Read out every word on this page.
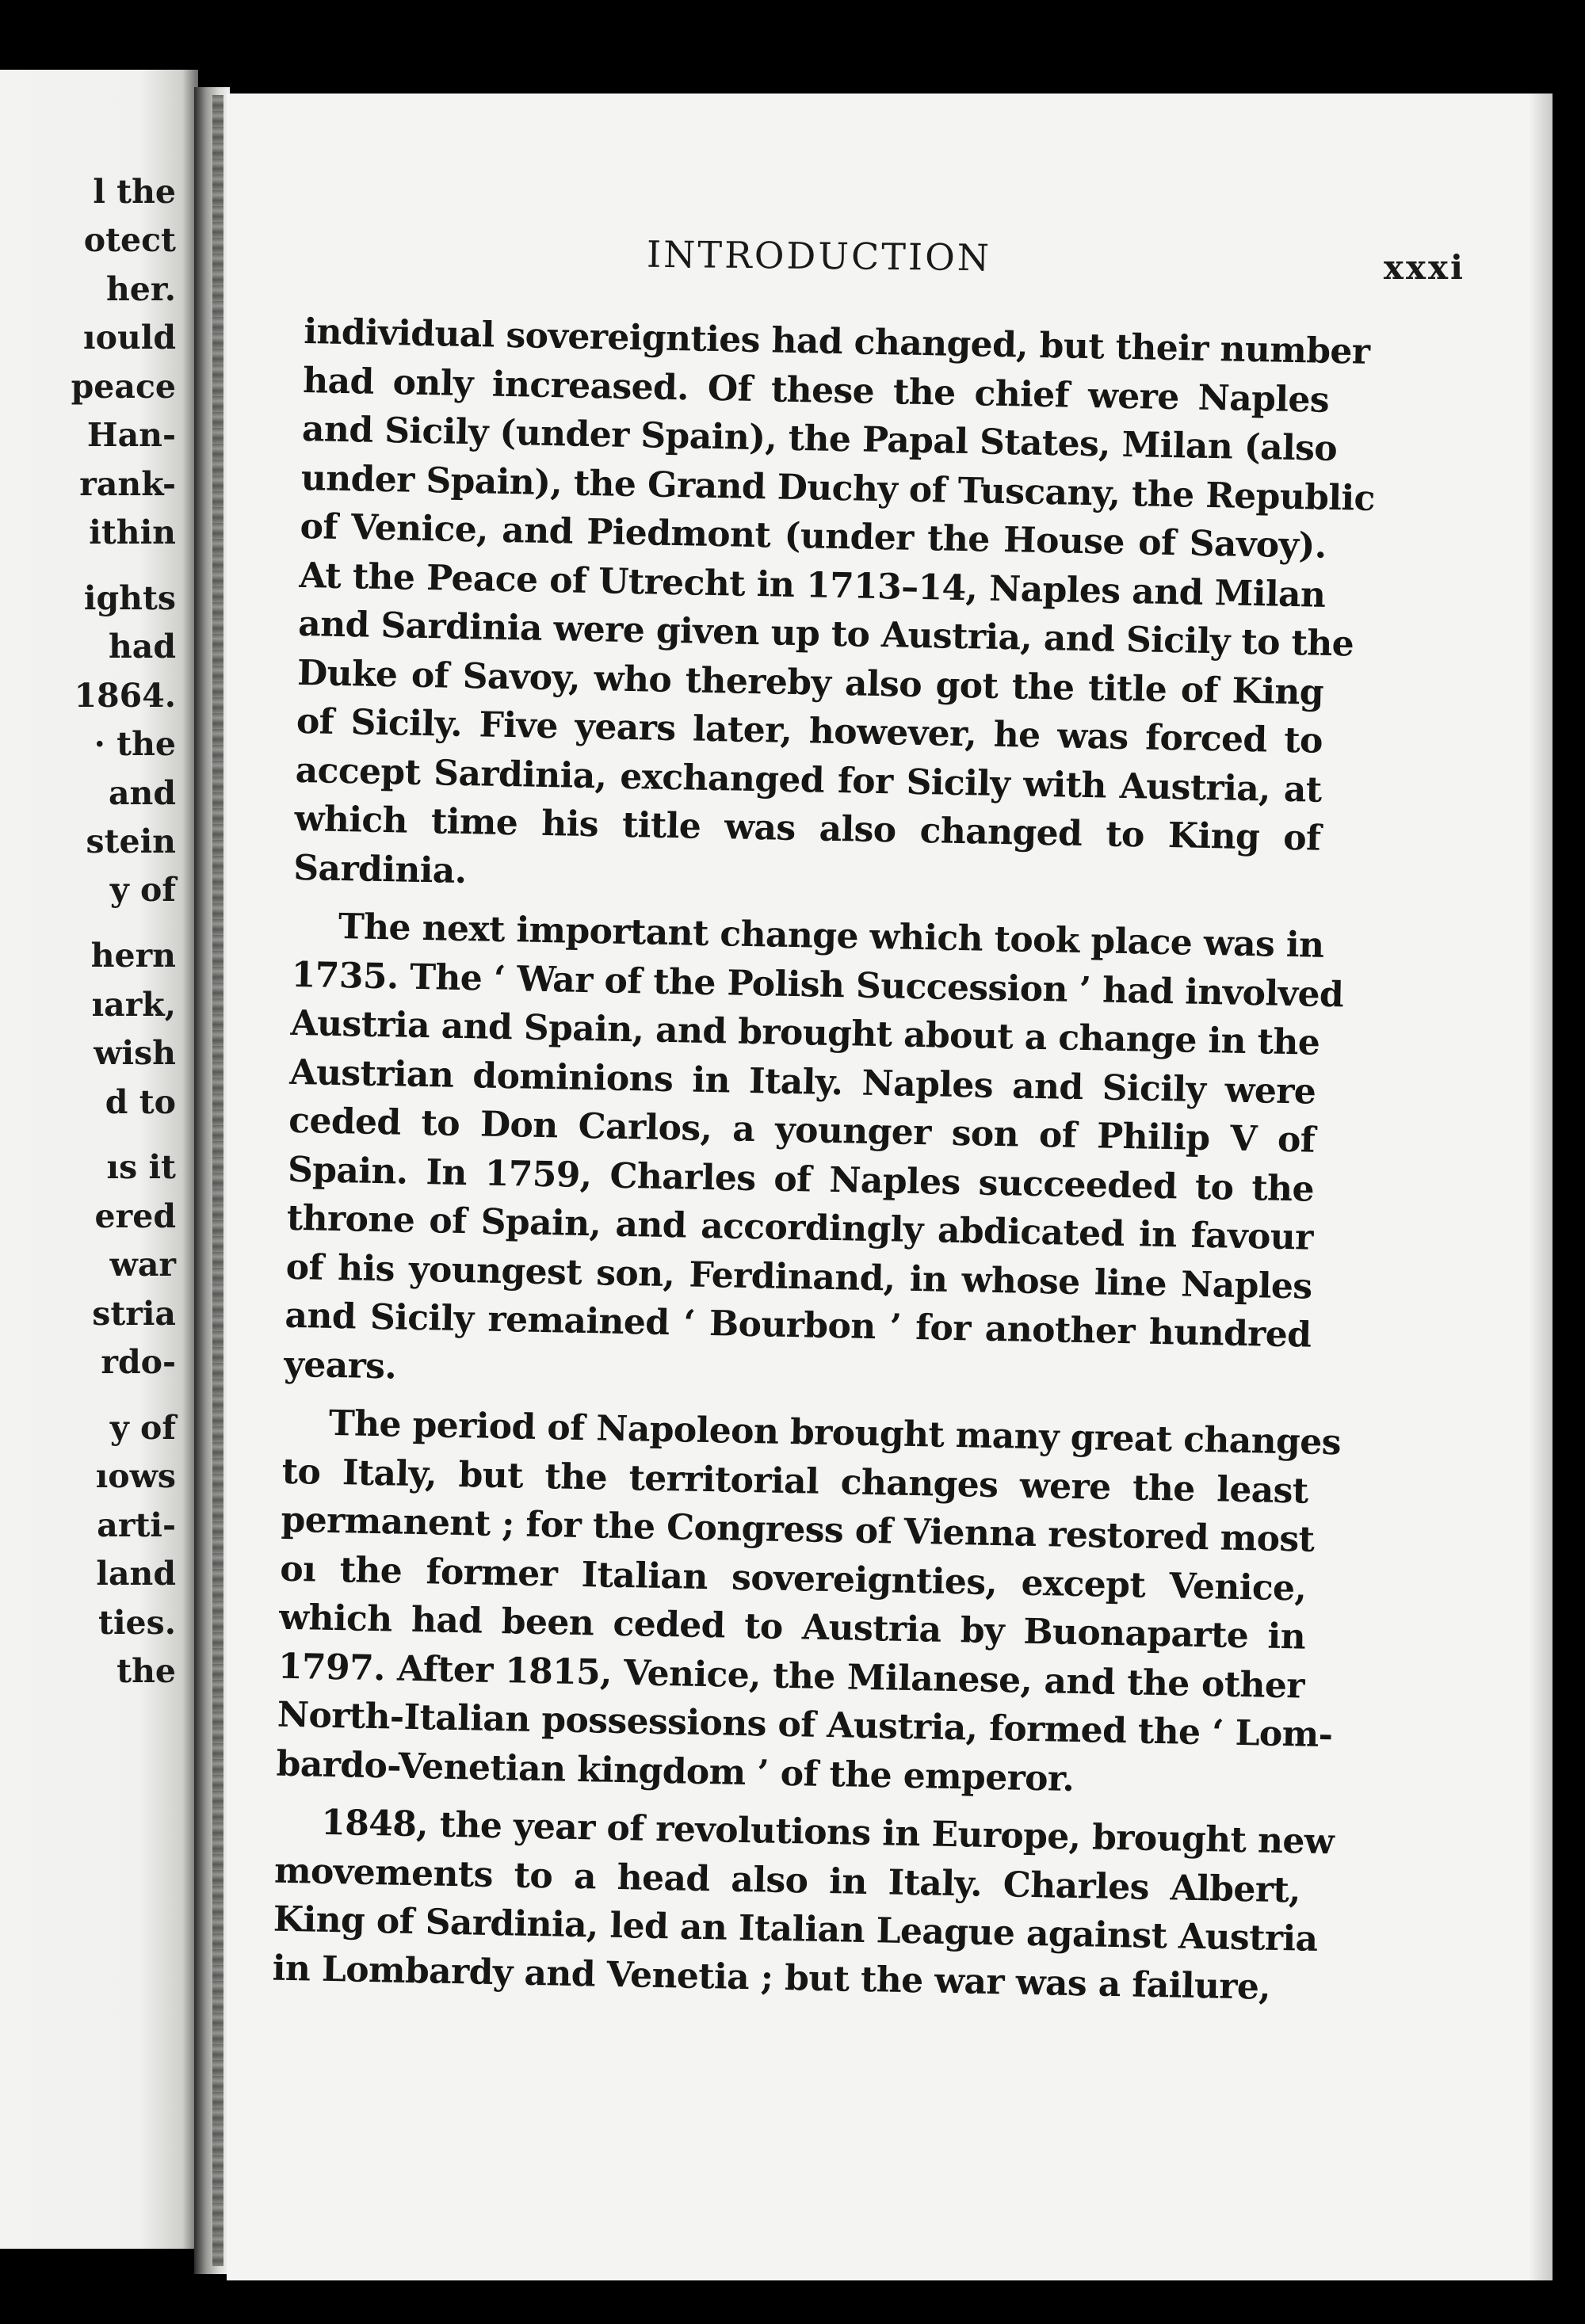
l the
otect
her.
ıould
peace
Han-
rank-
ithin
ights
had
1864.
· the
and
stein
y of
hern
ıark,
wish
d to
ıs it
ered
war
stria
rdo-
y of
ıows
arti-
land
ties.
the
INTRODUCTION	xxxi
individual sovereignties had changed, but their number
had only increased. Of these the chief were Naples
and Sicily (under Spain), the Papal States, Milan (also
under Spain), the Grand Duchy of Tuscany, the Republic
of Venice, and Piedmont (under the House of Savoy).
At the Peace of Utrecht in 1713–14, Naples and Milan
and Sardinia were given up to Austria, and Sicily to the
Duke of Savoy, who thereby also got the title of King
of Sicily. Five years later, however, he was forced to
accept Sardinia, exchanged for Sicily with Austria, at
which time his title was also changed to King of
Sardinia.
The next important change which took place was in
1735. The ‘ War of the Polish Succession ’ had involved
Austria and Spain, and brought about a change in the
Austrian dominions in Italy. Naples and Sicily were
ceded to Don Carlos, a younger son of Philip V of
Spain. In 1759, Charles of Naples succeeded to the
throne of Spain, and accordingly abdicated in favour
of his youngest son, Ferdinand, in whose line Naples
and Sicily remained ‘ Bourbon ’ for another hundred
years.
The period of Napoleon brought many great changes
to Italy, but the territorial changes were the least
permanent ; for the Congress of Vienna restored most
oı the former Italian sovereignties, except Venice,
which had been ceded to Austria by Buonaparte in
1797. After 1815, Venice, the Milanese, and the other
North-Italian possessions of Austria, formed the ‘ Lom-
bardo-Venetian kingdom ’ of the emperor.
1848, the year of revolutions in Europe, brought new
movements to a head also in Italy. Charles Albert,
King of Sardinia, led an Italian League against Austria
in Lombardy and Venetia ; but the war was a failure,
